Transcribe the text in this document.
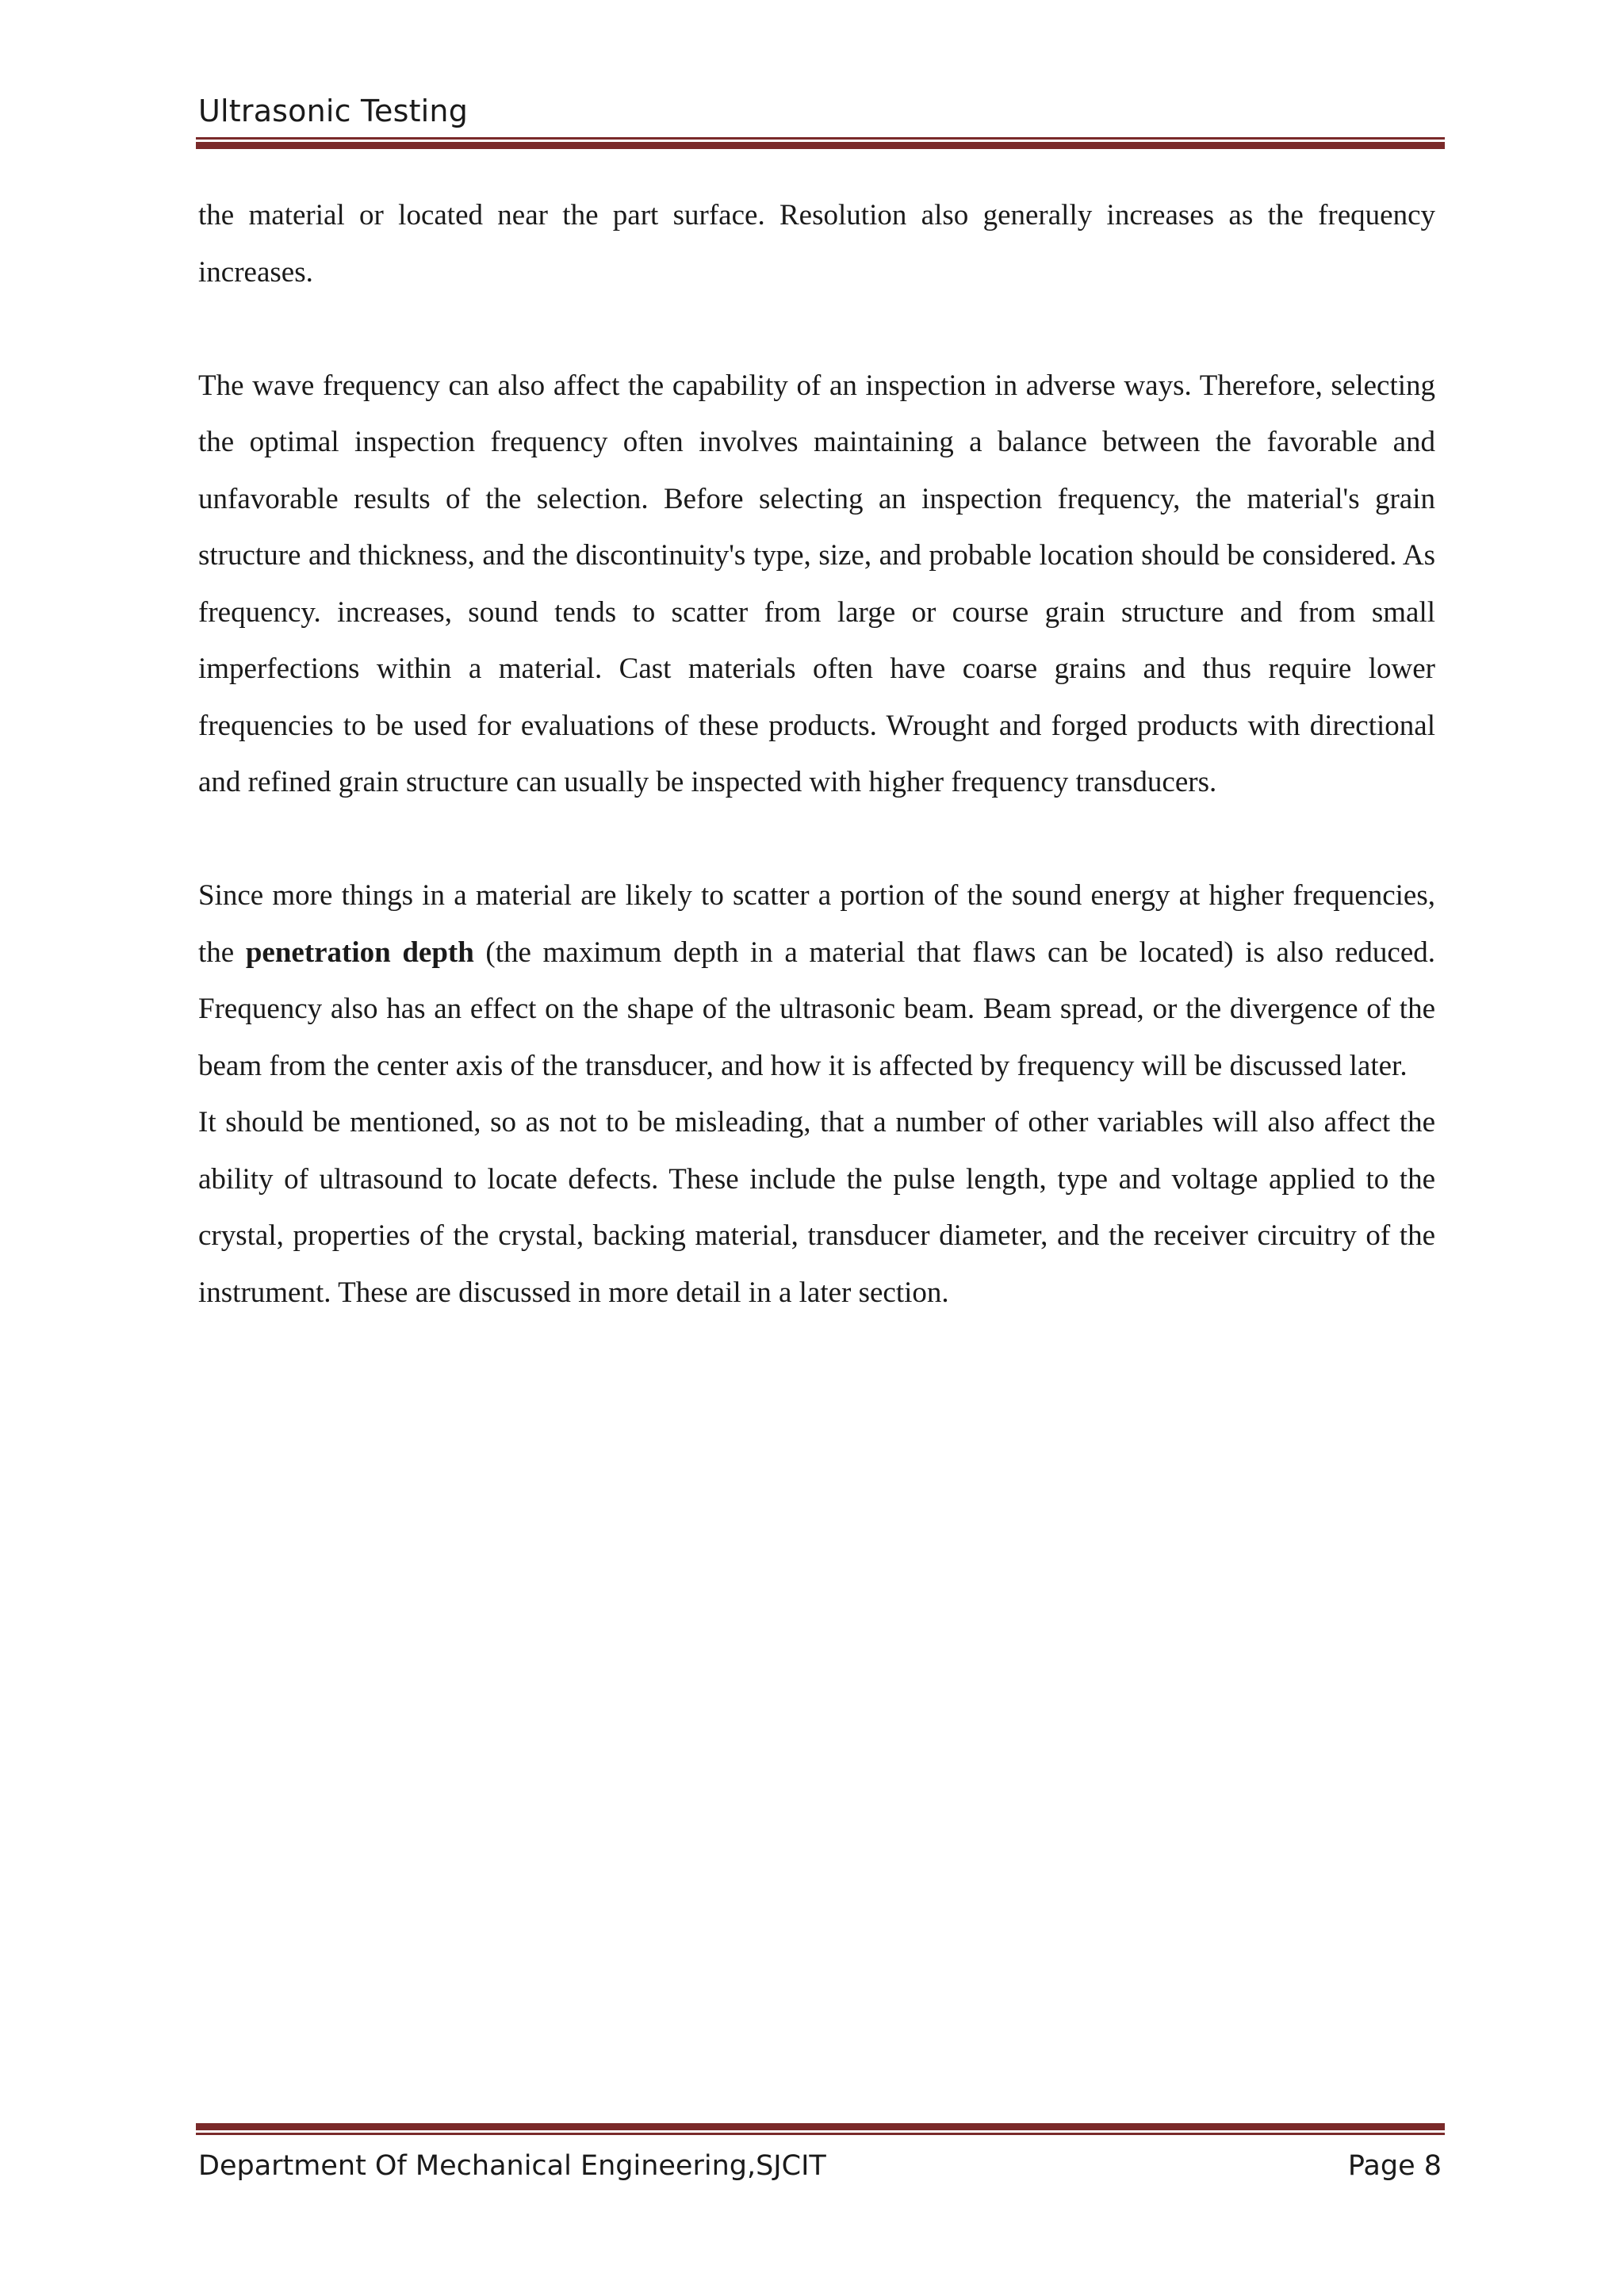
Ultrasonic Testing

the material or located near the part surface. Resolution also generally increases as the frequency increases.

The wave frequency can also affect the capability of an inspection in adverse ways. Therefore, selecting the optimal inspection frequency often involves maintaining a balance between the favorable and unfavorable results of the selection. Before selecting an inspection frequency, the material's grain structure and thickness, and the discontinuity's type, size, and probable location should be considered. As frequency. increases, sound tends to scatter from large or course grain structure and from small imperfections within a material. Cast materials often have coarse grains and thus require lower frequencies to be used for evaluations of these products. Wrought and forged products with directional and refined grain structure can usually be inspected with higher frequency transducers.

Since more things in a material are likely to scatter a portion of the sound energy at higher frequencies, the penetration depth (the maximum depth in a material that flaws can be located) is also reduced. Frequency also has an effect on the shape of the ultrasonic beam. Beam spread, or the divergence of the beam from the center axis of the transducer, and how it is affected by frequency will be discussed later.

It should be mentioned, so as not to be misleading, that a number of other variables will also affect the ability of ultrasound to locate defects. These include the pulse length, type and voltage applied to the crystal, properties of the crystal, backing material, transducer diameter, and the receiver circuitry of the instrument. These are discussed in more detail in a later section.

Department Of Mechanical Engineering,SJCIT	Page 8
